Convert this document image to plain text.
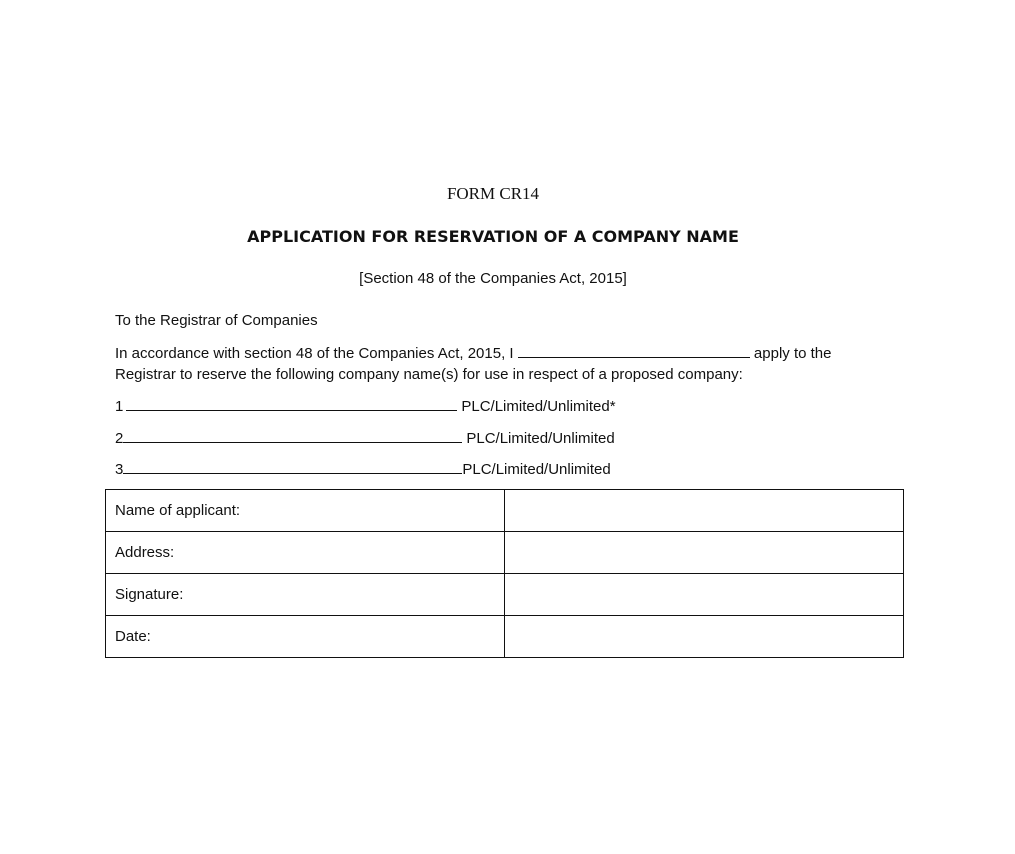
FORM CR14
APPLICATION FOR RESERVATION OF A COMPANY NAME
[Section 48 of the Companies Act, 2015]
To the Registrar of Companies
In accordance with section 48 of the Companies Act, 2015, I	apply to the Registrar to reserve the following company name(s) for use in respect of a proposed company:
1	PLC/Limited/Unlimited*
2	PLC/Limited/Unlimited
3	PLC/Limited/Unlimited
Name of applicant:	
Address:	
Signature:	
Date:	
